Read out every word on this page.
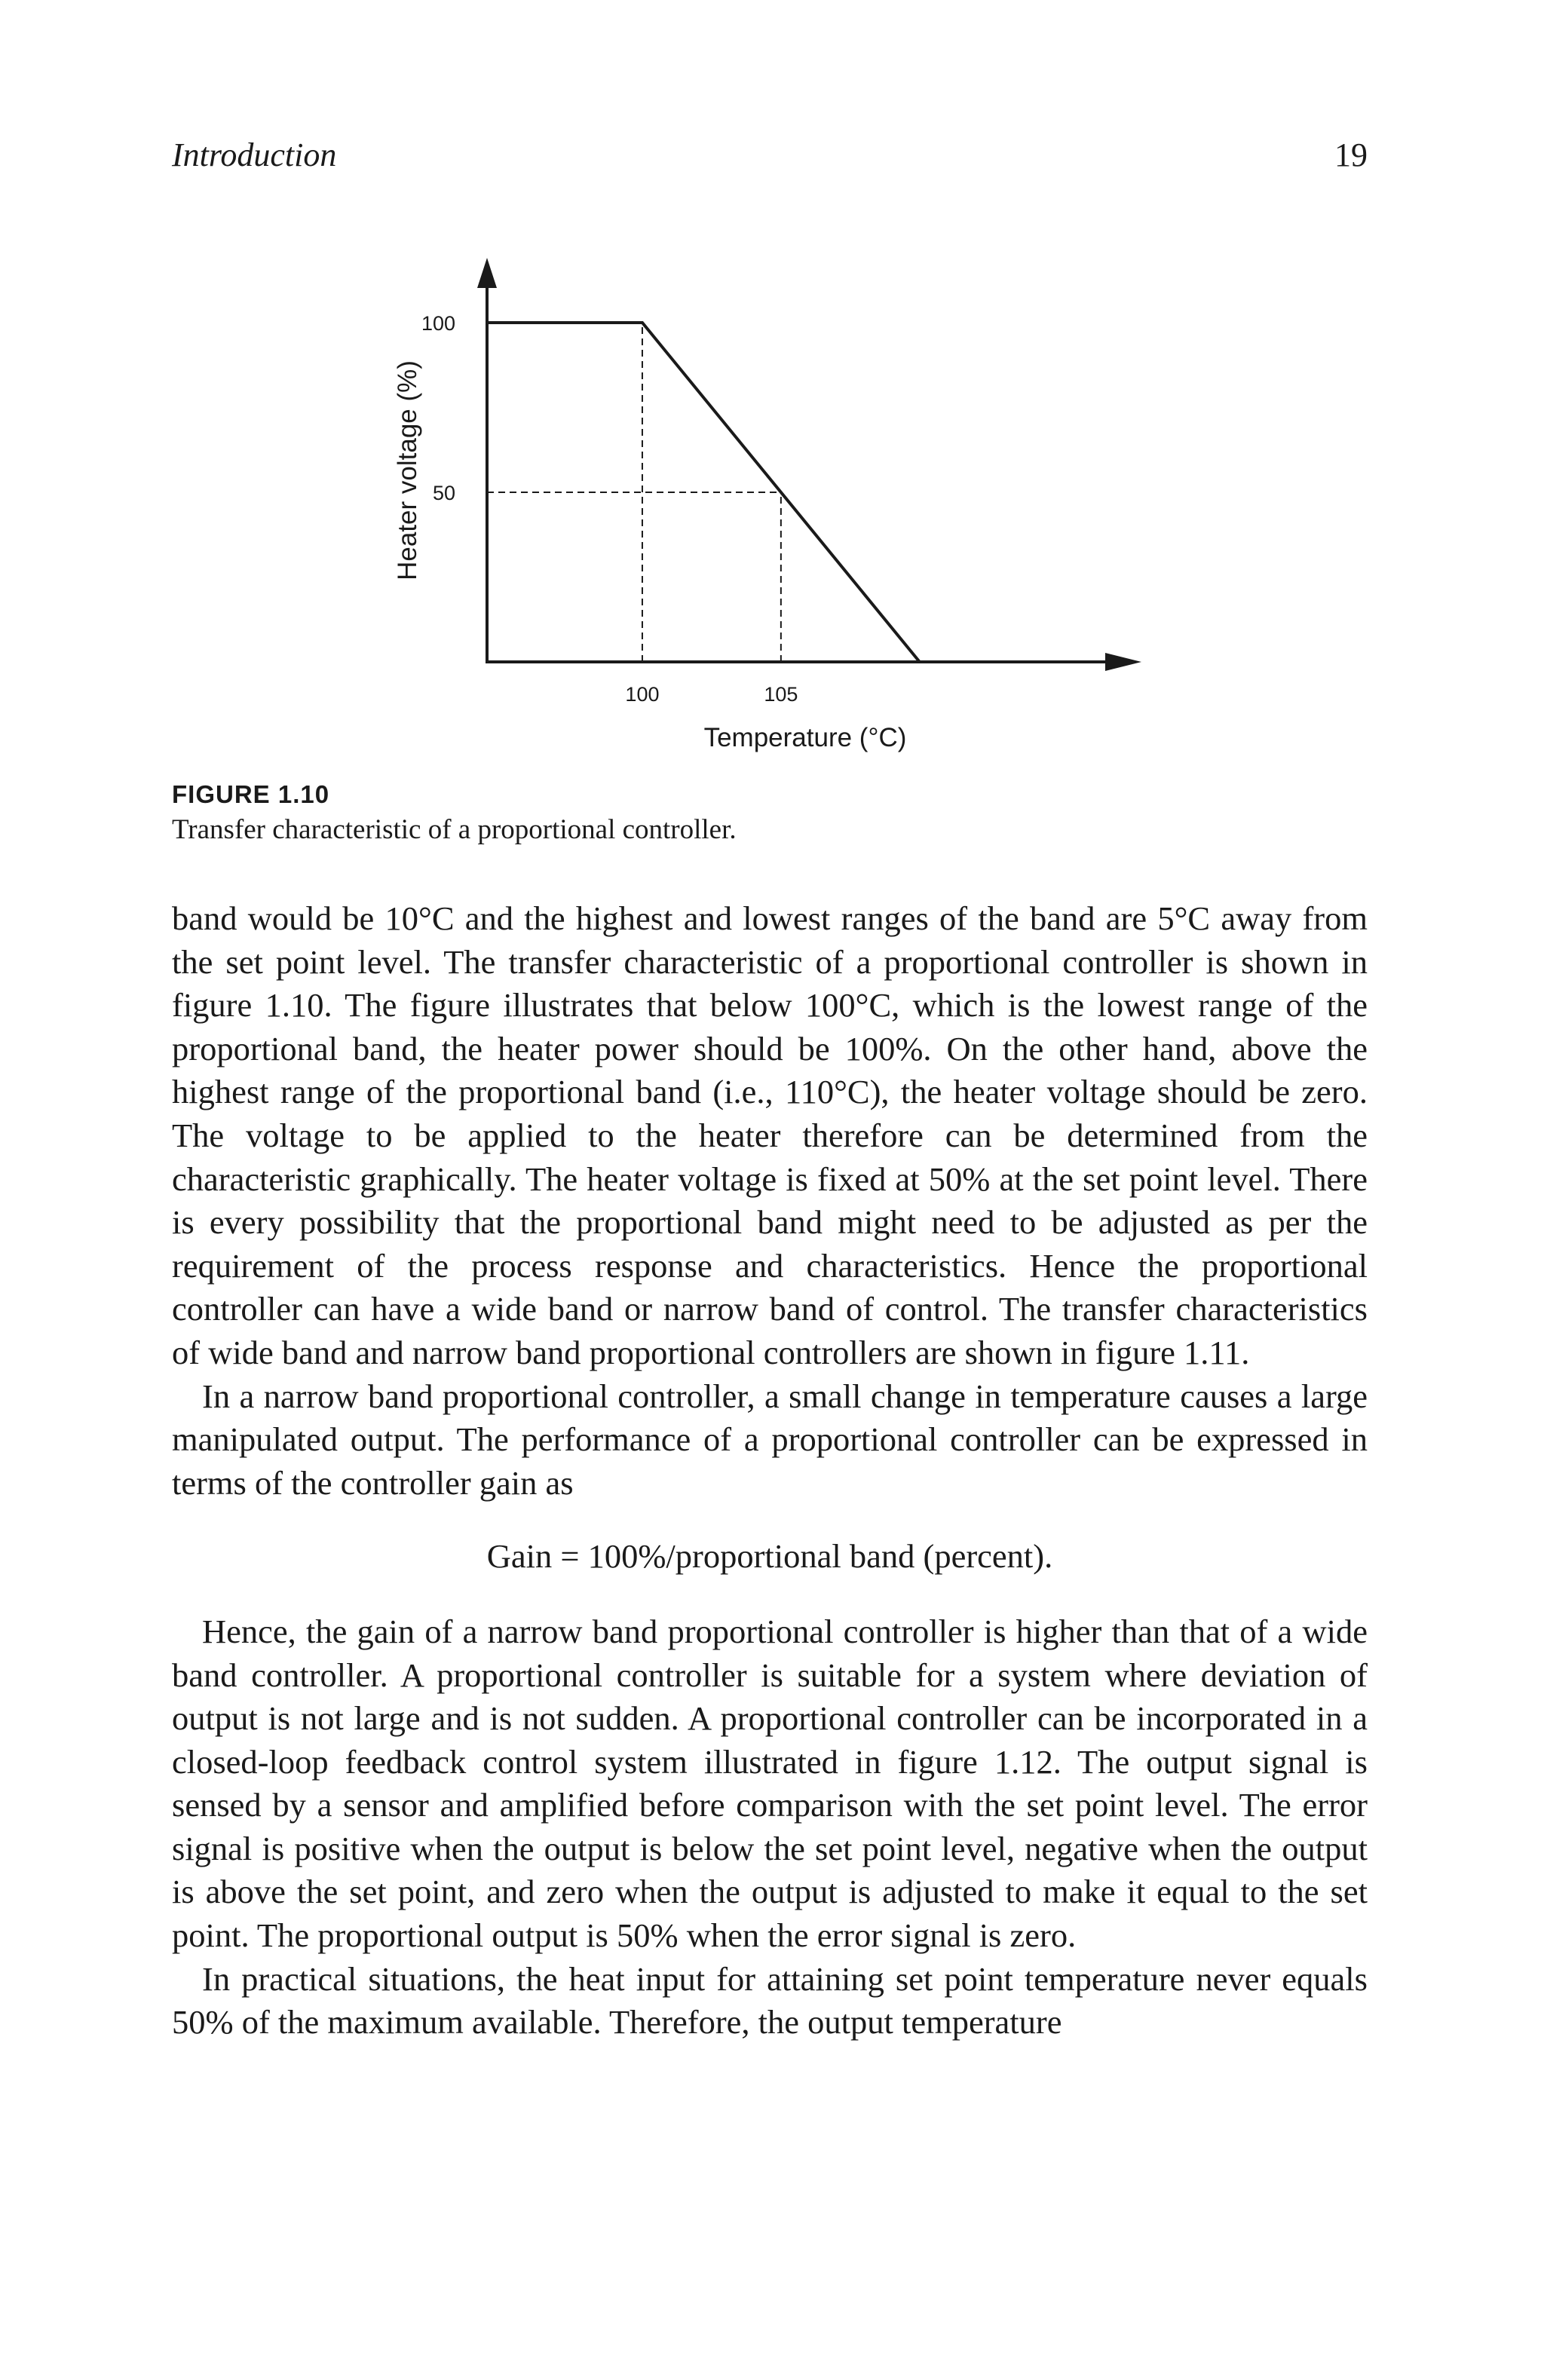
Introduction	19
100
50
100	105
Heater voltage (%)
Temperature (°C)
FIGURE 1.10
Transfer characteristic of a proportional controller.

band would be 10°C and the highest and lowest ranges of the band are 5°C away from the set point level. The transfer characteristic of a proportional controller is shown in figure 1.10. The figure illustrates that below 100°C, which is the lowest range of the proportional band, the heater power should be 100%. On the other hand, above the highest range of the proportional band (i.e., 110°C), the heater voltage should be zero. The voltage to be applied to the heater therefore can be determined from the characteristic graphically. The heater voltage is fixed at 50% at the set point level. There is every possibility that the proportional band might need to be adjusted as per the requirement of the process response and characteristics. Hence the proportional controller can have a wide band or narrow band of control. The transfer characteristics of wide band and narrow band proportional controllers are shown in figure 1.11.

In a narrow band proportional controller, a small change in temperature causes a large manipulated output. The performance of a proportional controller can be expressed in terms of the controller gain as

Gain = 100%/proportional band (percent).

Hence, the gain of a narrow band proportional controller is higher than that of a wide band controller. A proportional controller is suitable for a system where deviation of output is not large and is not sudden. A proportional controller can be incorporated in a closed-loop feedback control system illustrated in figure 1.12. The output signal is sensed by a sensor and amplified before comparison with the set point level. The error signal is positive when the output is below the set point level, negative when the output is above the set point, and zero when the output is adjusted to make it equal to the set point. The proportional output is 50% when the error signal is zero.

In practical situations, the heat input for attaining set point temperature never equals 50% of the maximum available. Therefore, the output temperature
